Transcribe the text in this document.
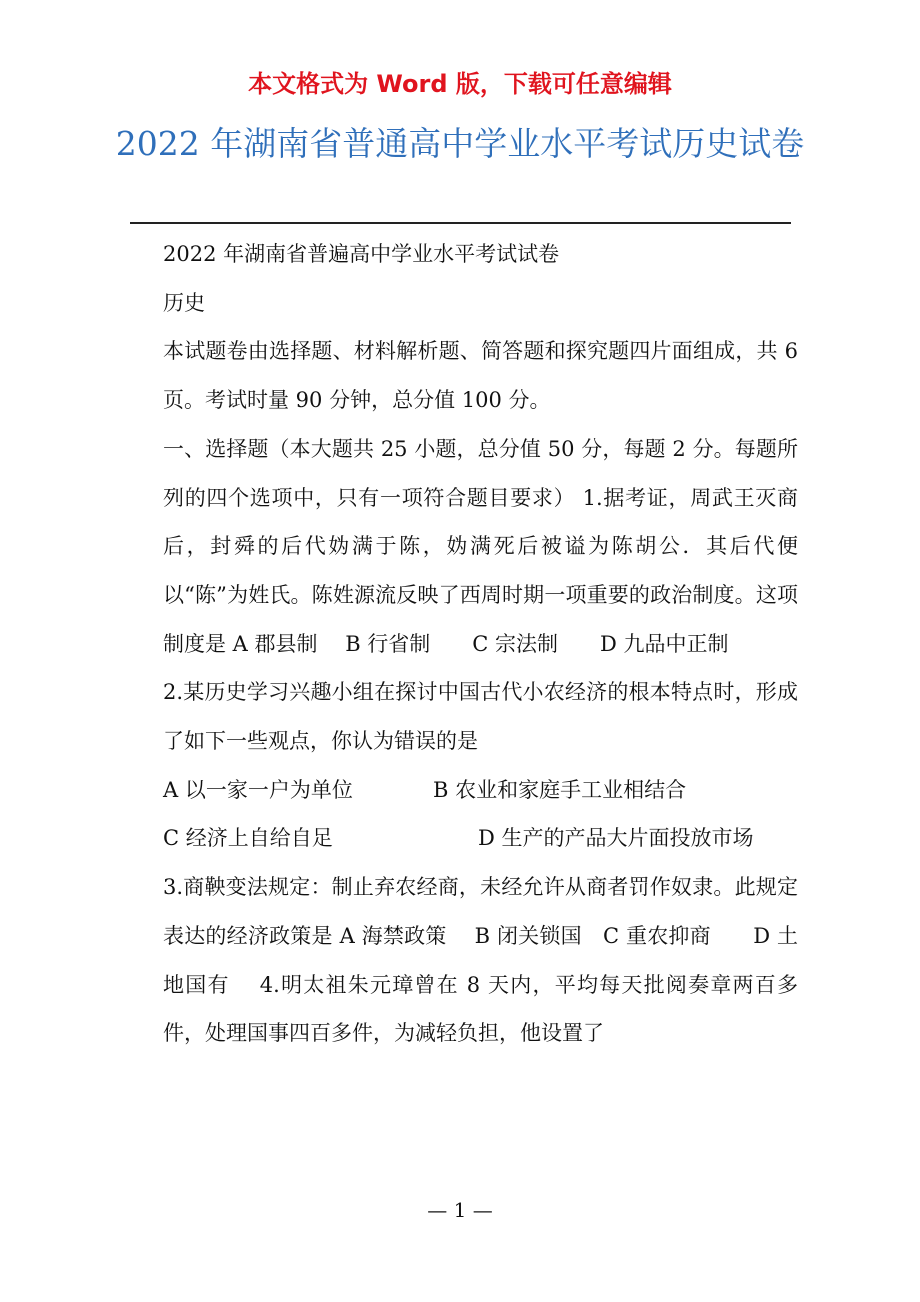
本文格式为 Word 版，下载可任意编辑
2022 年湖南省普通高中学业水平考试历史试卷

2022 年湖南省普遍高中学业水平考试试卷

历史

本试题卷由选择题、材料解析题、简答题和探究题四片面组成，共 6 页。考试时量 90 分钟，总分值 100 分。

一、选择题（本大题共 25 小题，总分值 50 分，每题 2 分。每题所列的四个选项中，只有一项符合题目要求） 1.据考证，周武王灭商后，封舜的后代妫满于陈，妫满死后被谥为陈胡公．其后代便以“陈”为姓氏。陈姓源流反映了西周时期一项重要的政治制度。这项制度是 A 郡县制　 B 行省制　　C 宗法制　　D 九品中正制

2.某历史学习兴趣小组在探讨中国古代小农经济的根本特点时，形成了如下一些观点，你认为错误的是

A 以一家一户为单位	B 农业和家庭手工业相结合

C 经济上自给自足	D 生产的产品大片面投放市场

3.商鞅变法规定：制止弃农经商，未经允许从商者罚作奴隶。此规定表达的经济政策是 A 海禁政策　 B 闭关锁国　C 重农抑商　　D 土地国有　 4.明太祖朱元璋曾在 8 天内，平均每天批阅奏章两百多件，处理国事四百多件，为减轻负担，他设置了

— 1 —
